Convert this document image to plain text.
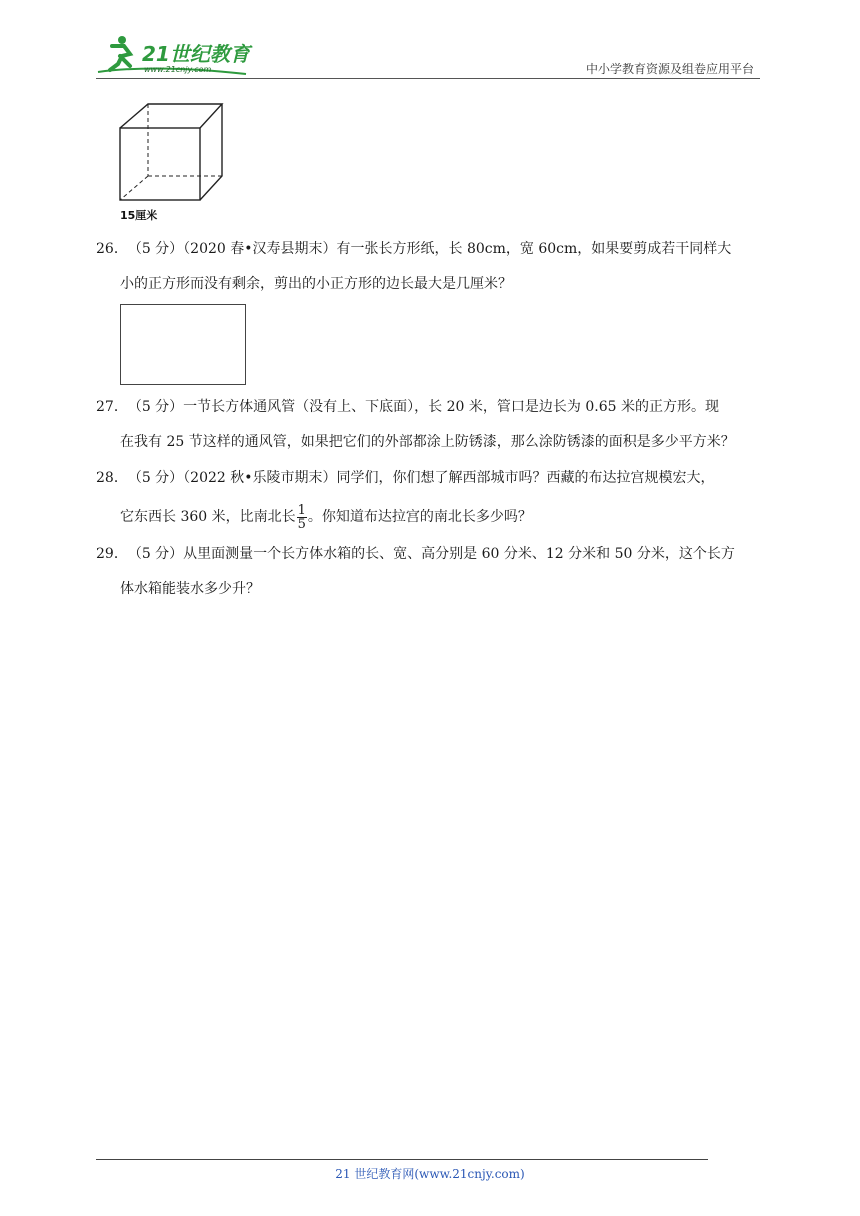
21世纪教育
www.21cnjy.com	中小学教育资源及组卷应用平台
15厘米
26．（5 分）（2020 春•汉寿县期末）有一张长方形纸，长 80cm，宽 60cm，如果要剪成若干同样大
小的正方形而没有剩余，剪出的小正方形的边长最大是几厘米？
27．（5 分）一节长方体通风管（没有上、下底面），长 20 米，管口是边长为 0.65 米的正方形。现
在我有 25 节这样的通风管，如果把它们的外部都涂上防锈漆，那么涂防锈漆的面积是多少平方米？
28．（5 分）（2022 秋•乐陵市期末）同学们，你们想了解西部城市吗？西藏的布达拉宫规模宏大，
它东西长 360 米，比南北长 $\frac{1}{5}$ 。你知道布达拉宫的南北长多少吗？
29．（5 分）从里面测量一个长方体水箱的长、宽、高分别是 60 分米、12 分米和 50 分米，这个长方
体水箱能装水多少升？
21 世纪教育网(www.21cnjy.com)
